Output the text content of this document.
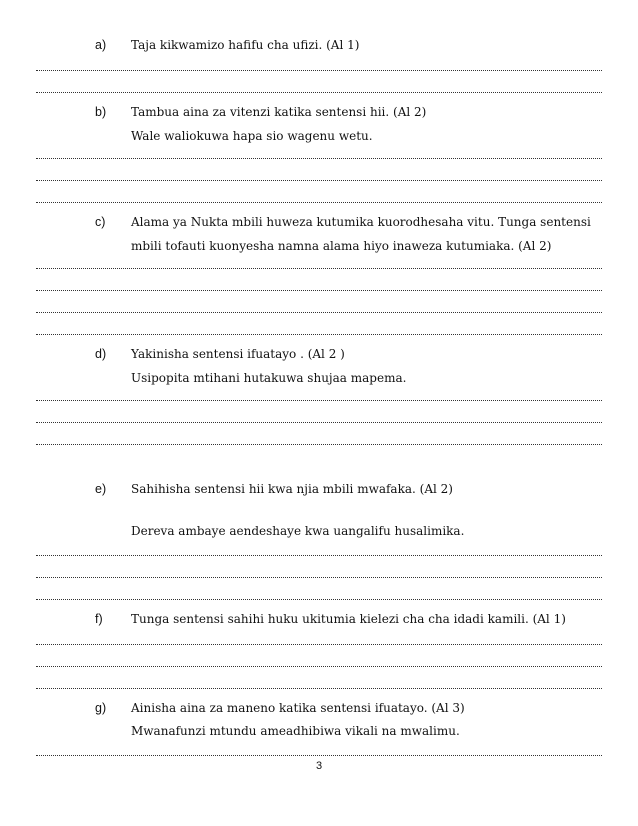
a) Taja kikwamizo hafifu cha ufizi. (Al 1)
b) Tambua aina za vitenzi katika sentensi hii. (Al 2)
Wale waliokuwa hapa sio wagenu wetu.
c) Alama ya Nukta mbili huweza kutumika kuorodhesaha vitu. Tunga sentensi
mbili tofauti kuonyesha namna alama hiyo inaweza kutumiaka. (Al 2)
d) Yakinisha sentensi ifuatayo . (Al 2 )
Usipopita mtihani hutakuwa shujaa mapema.
e) Sahihisha sentensi hii kwa njia mbili mwafaka. (Al 2)
Dereva ambaye aendeshaye kwa uangalifu husalimika.
f) Tunga sentensi sahihi huku ukitumia kielezi cha cha idadi kamili. (Al 1)
g) Ainisha aina za maneno katika sentensi ifuatayo. (Al 3)
Mwanafunzi mtundu ameadhibiwa vikali na mwalimu.
3
